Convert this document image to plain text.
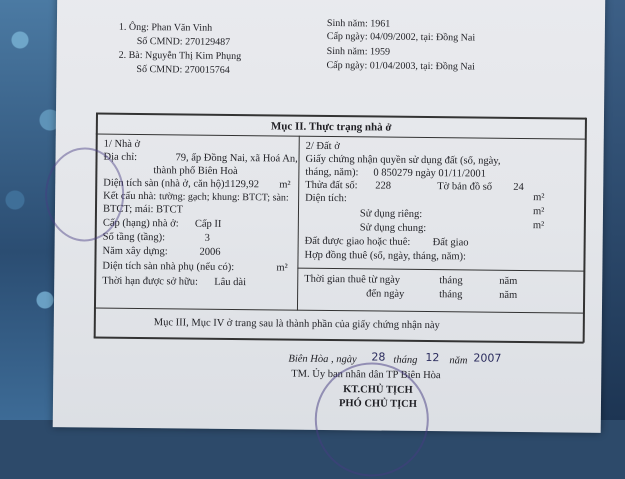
1. Ông: Phan Văn Vinh
Số CMND: 270129487
Sinh năm: 1961
Cấp ngày: 04/09/2002, tại: Đồng Nai
2. Bà: Nguyễn Thị Kim Phụng
Số CMND: 270015764
Sinh năm: 1959
Cấp ngày: 01/04/2003, tại: Đồng Nai
Mục II. Thực trạng nhà ở
1/ Nhà ở
Địa chỉ:	79, ấp Đồng Nai, xã Hoá An,
thành phố Biên Hoà
Diện tích sàn (nhà ở, căn hộ):
1129,92 m²
Kết cấu nhà: tường: gạch; khung: BTCT; sàn:
BTCT; mái: BTCT
Cấp (hạng) nhà ở: Cấp II
Số tầng (tầng):	3
Năm xây dựng:	2006
Diện tích sàn nhà phụ (nếu có):	m²
Thời hạn được sở hữu: Lâu dài
2/ Đất ở
Giấy chứng nhận quyền sử dụng đất (số, ngày,
tháng, năm): 0 850279 ngày 01/11/2001
Thửa đất số: 228	Tờ bản đồ số 24
Diện tích:	m²
Sử dụng riêng:	m²
Sử dụng chung:	m²
Đất được giao hoặc thuê: Đất giao
Hợp đồng thuê (số, ngày, tháng, năm):
Thời gian thuê từ ngày	tháng	năm
đến ngày	tháng	năm
Mục III, Mục IV ở trang sau là thành phần của giấy chứng nhận này
Biên Hòa , ngày 28 tháng 12 năm 2007
TM. Ủy ban nhân dân TP Biên Hòa
KT.CHỦ TỊCH
PHÓ CHỦ TỊCH
